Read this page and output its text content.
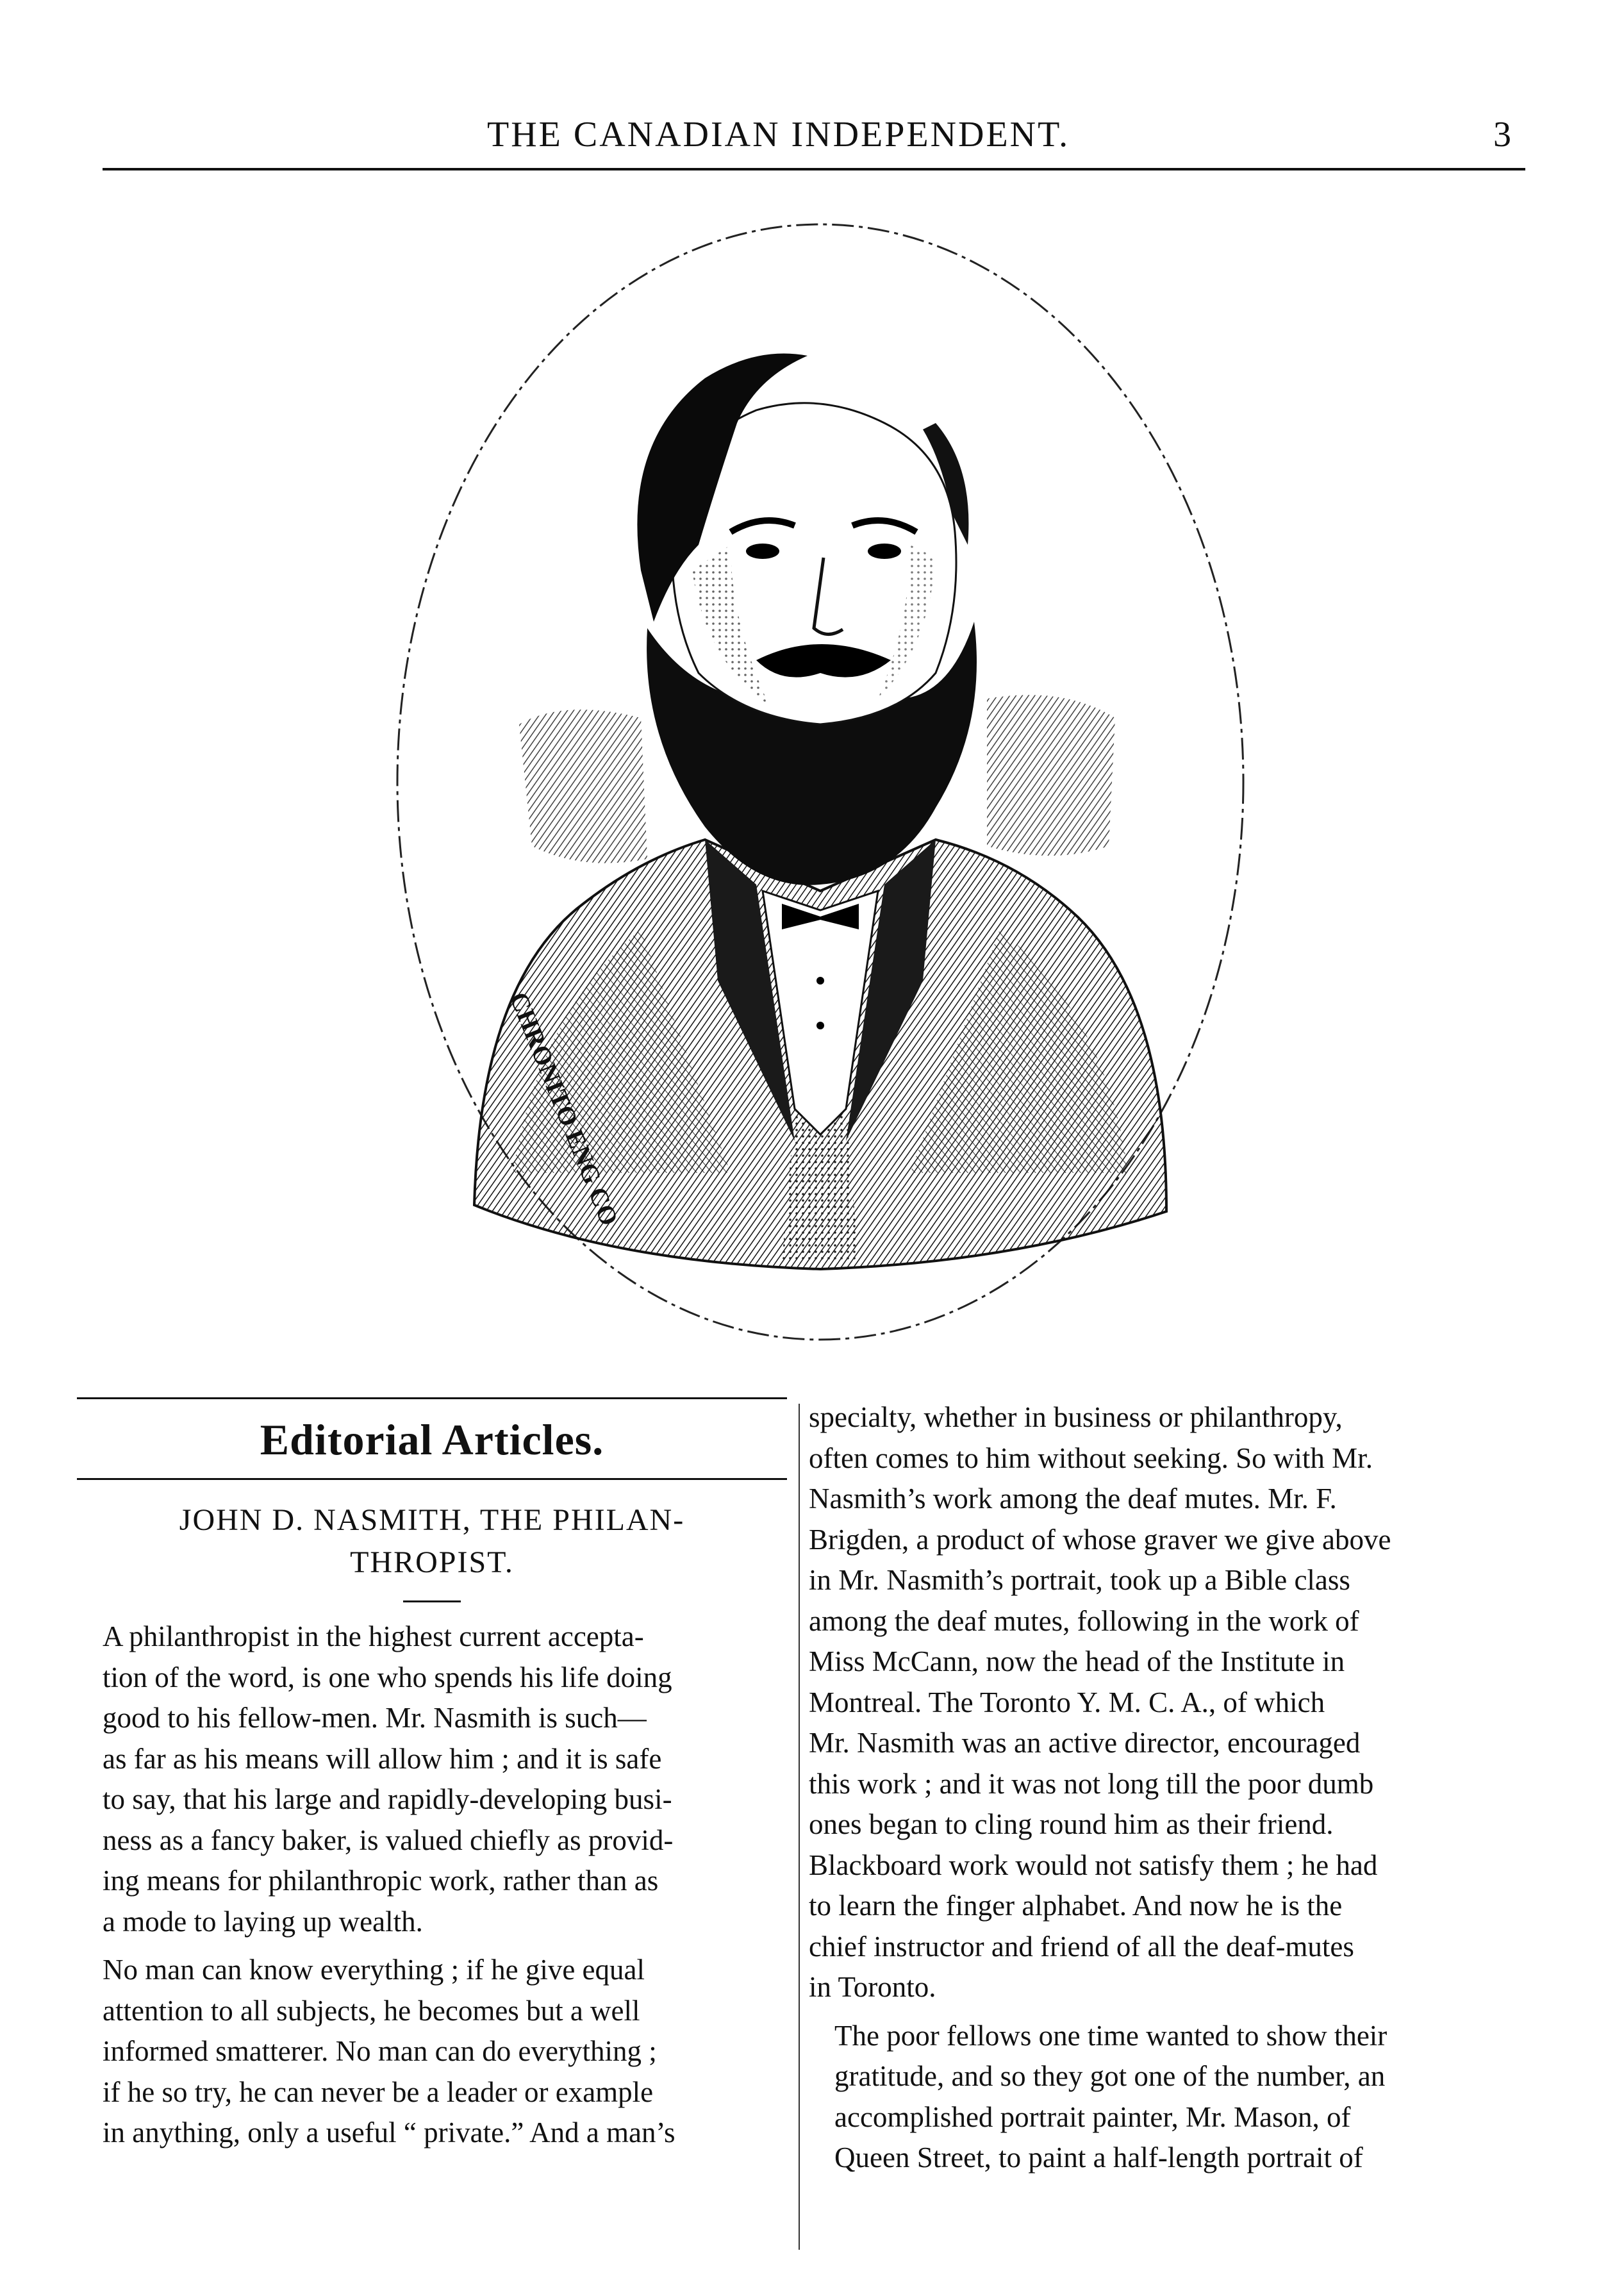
THE CANADIAN INDEPENDENT.	3
CHRONITO ENG CO
Editorial Articles.
JOHN D. NASMITH, THE PHILAN-
THROPIST.
A philanthropist in the highest current accepta-
tion of the word, is one who spends his life doing
good to his fellow-men. Mr. Nasmith is such—
as far as his means will allow him ; and it is safe
to say, that his large and rapidly-developing busi-
ness as a fancy baker, is valued chiefly as provid-
ing means for philanthropic work, rather than as
a mode to laying up wealth.
No man can know everything ; if he give equal
attention to all subjects, he becomes but a well
informed smatterer. No man can do everything ;
if he so try, he can never be a leader or example
in anything, only a useful “ private.” And a man’s
specialty, whether in business or philanthropy,
often comes to him without seeking. So with Mr.
Nasmith’s work among the deaf mutes. Mr. F.
Brigden, a product of whose graver we give above
in Mr. Nasmith’s portrait, took up a Bible class
among the deaf mutes, following in the work of
Miss McCann, now the head of the Institute in
Montreal. The Toronto Y. M. C. A., of which
Mr. Nasmith was an active director, encouraged
this work ; and it was not long till the poor dumb
ones began to cling round him as their friend.
Blackboard work would not satisfy them ; he had
to learn the finger alphabet. And now he is the
chief instructor and friend of all the deaf-mutes
in Toronto.
The poor fellows one time wanted to show their
gratitude, and so they got one of the number, an
accomplished portrait painter, Mr. Mason, of
Queen Street, to paint a half-length portrait of
